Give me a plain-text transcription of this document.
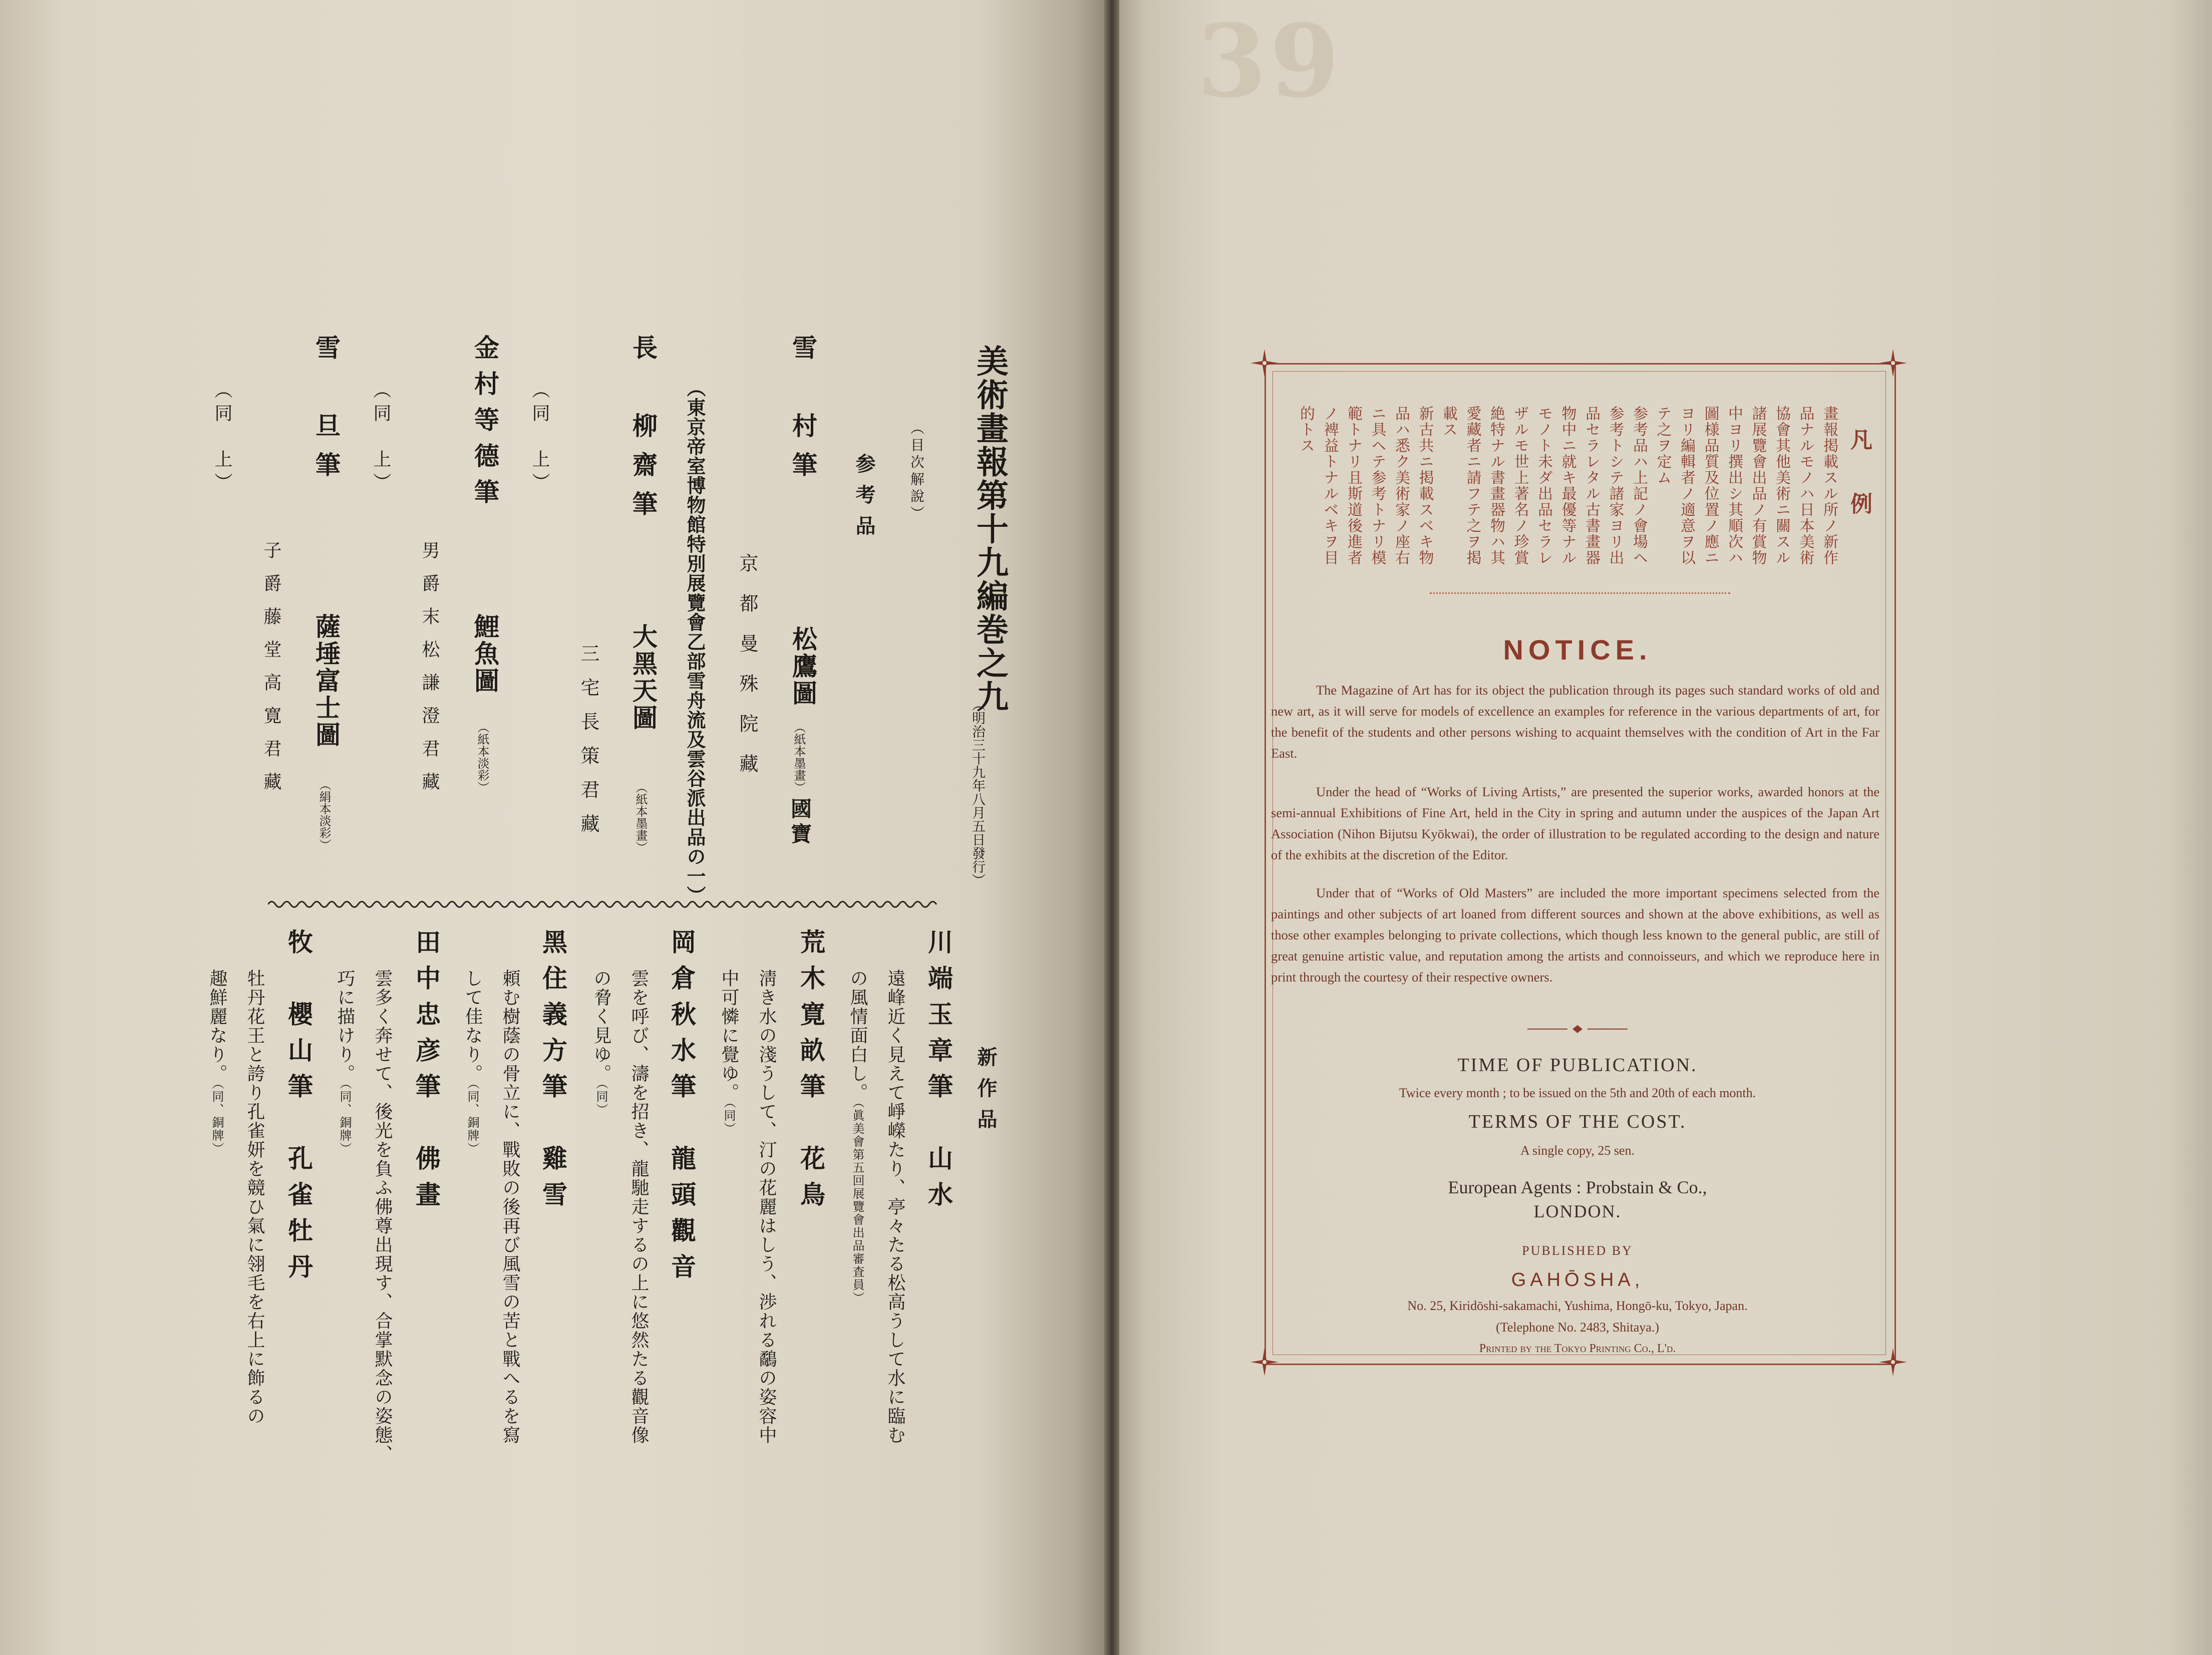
美術畫報第十九編巻之九
（明治三十九年八月五日發行）
（目次解說）
参考品
雪　村筆
松鷹圖
（紙本墨畫）
國寶
京都曼殊院藏
（東京帝室博物館特別展覽會乙部雪舟流及雲谷派出品の一）
長　柳齋筆
大黑天圖
（紙本墨畫）
三宅長策君藏
（同　上）
金村等德筆
鯉魚圖
（紙本淡彩）
男爵末松謙澄君藏
（同　上）
雪　旦筆
薩埵富士圖
（絹本淡彩）
子爵藤堂高寛君藏
（同　上）
新作品
川端玉章筆　山水
遠峰近く見えて崢嶸たり、亭々たる松高うして水に臨む
の風情面白し。（眞美會第五回展覽會出品審査員）
荒木寛畝筆　花鳥
淸き水の淺うして、汀の花麗はしう、渉れる鷸の姿容中
中可憐に覺ゆ。（同）
岡倉秋水筆　龍頭觀音
雲を呼び、濤を招き、龍馳走するの上に悠然たる觀音像
の脅く見ゆ。（同）
黑住義方筆　雞雪
頼む樹蔭の骨立に、戰敗の後再び風雪の苦と戰へるを寫
して佳なり。（同、銅牌）
田中忠彦筆　佛畫
雲多く奔せて、後光を負ふ佛尊出現す、合掌默念の姿態、
巧に描けり。（同、銅牌）
牧　櫻山筆　孔雀牡丹
牡丹花王と誇り孔雀妍を競ひ氣に翎毛を右上に飾るの
趣鮮麗なり。（同、銅牌）
39
凡　例
畫報掲載スル所ノ新作
品ナルモノハ日本美術
協會其他美術ニ關スル
諸展覽會出品ノ有賞物
中ヨリ撰出シ其順次ハ
圖様品質及位置ノ應ニ
ヨリ編輯者ノ適意ヲ以
テ之ヲ定ム
参考品ハ上記ノ會場ヘ
参考トシテ諸家ヨリ出
品セラレタル古書畫器
物中ニ就キ最優等ナル
モノト未ダ出品セラレ
ザルモ世上著名ノ珍賞
絶特ナル書畫器物ハ其
愛藏者ニ請フテ之ヲ掲
載ス
新古共ニ掲載スベキ物
品ハ悉ク美術家ノ座右
ニ具ヘテ参考トナリ模
範トナリ且斯道後進者
ノ裨益トナルベキヲ目
的トス
NOTICE.
The Magazine of Art has for its object the publication through its pages such standard works of old and new art, as it will serve for models of excellence an examples for reference in the various departments of art, for the benefit of the students and other persons wishing to acquaint themselves with the condition of Art in the Far East.
Under the head of “Works of Living Artists,” are presented the superior works, awarded honors at the semi-annual Exhibitions of Fine Art, held in the City in spring and autumn under the auspices of the Japan Art Association (Nihon Bijutsu Kyōkwai), the order of illustration to be regulated according to the design and nature of the exhibits at the discretion of the Editor.
Under that of “Works of Old Masters” are included the more important specimens selected from the paintings and other subjects of art loaned from different sources and shown at the above exhibitions, as well as those other examples belonging to private collections, which though less known to the general public, are still of great genuine artistic value, and reputation among the artists and connoisseurs, and which we reproduce here in print through the courtesy of their respective owners.
TIME OF PUBLICATION.
Twice every month ; to be issued on the 5th and 20th of each month.
TERMS OF THE COST.
A single copy, 25 sen.
European Agents : Probstain & Co.,
LONDON.
PUBLISHED BY
GAHŌSHA,
No. 25, Kiridōshi-sakamachi, Yushima, Hongō-ku, Tokyo, Japan.
(Telephone No. 2483, Shitaya.)
Printed by the Tokyo Printing Co., L'd.
